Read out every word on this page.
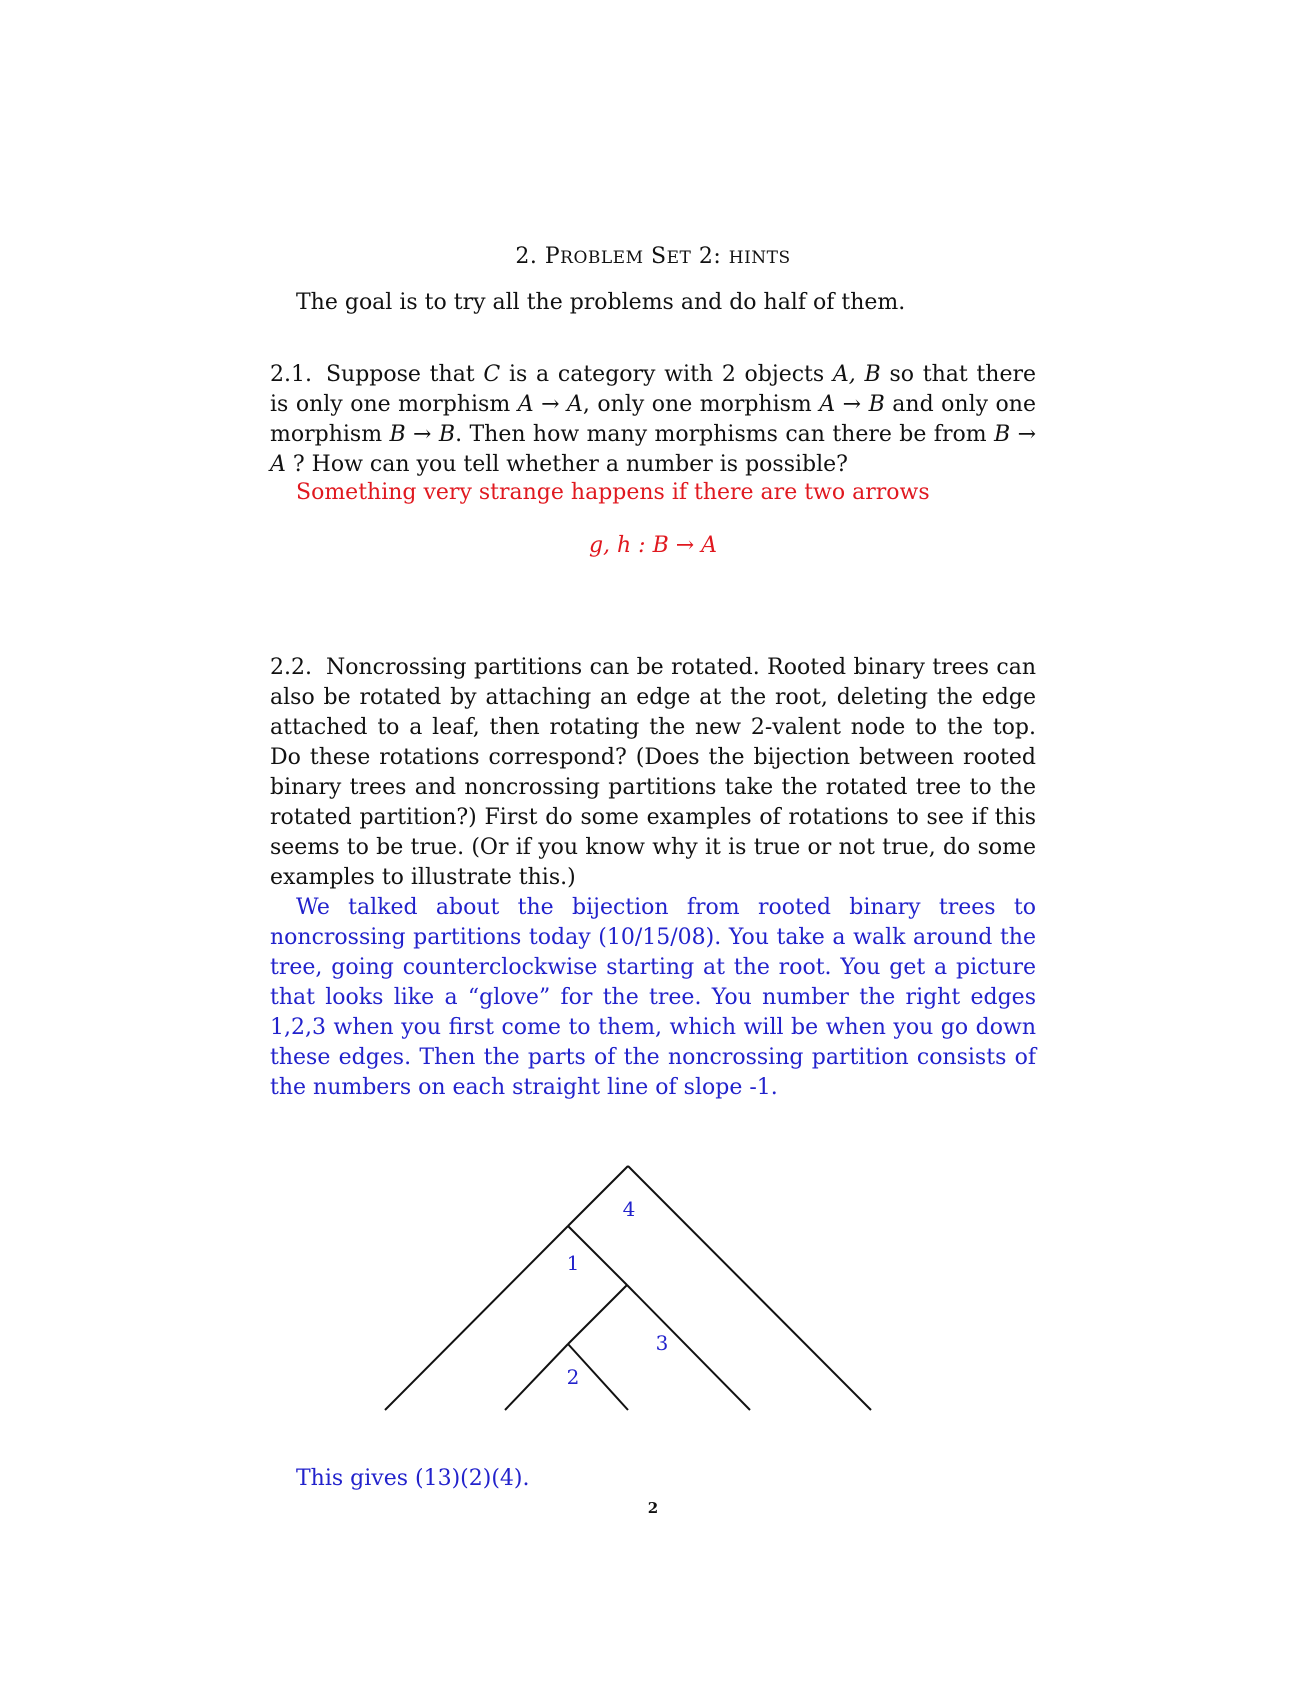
2. PROBLEM SET 2: HINTS
The goal is to try all the problems and do half of them.
2.1. Suppose that C is a category with 2 objects A, B so that there is only one morphism A → A, only one morphism A → B and only one morphism B → B. Then how many morphisms can there be from B → A ? How can you tell whether a number is possible?
Something very strange happens if there are two arrows
g, h : B → A
2.2. Noncrossing partitions can be rotated. Rooted binary trees can also be rotated by attaching an edge at the root, deleting the edge attached to a leaf, then rotating the new 2-valent node to the top. Do these rotations correspond? (Does the bijection between rooted binary trees and noncrossing partitions take the rotated tree to the rotated partition?) First do some examples of rotations to see if this seems to be true. (Or if you know why it is true or not true, do some examples to illustrate this.)
We talked about the bijection from rooted binary trees to noncrossing partitions today (10/15/08). You take a walk around the tree, going counterclockwise starting at the root. You get a picture that looks like a “glove” for the tree. You number the right edges 1,2,3 when you first come to them, which will be when you go down these edges. Then the parts of the noncrossing partition consists of the numbers on each straight line of slope -1.
4
1
3
2
This gives (13)(2)(4).
2
